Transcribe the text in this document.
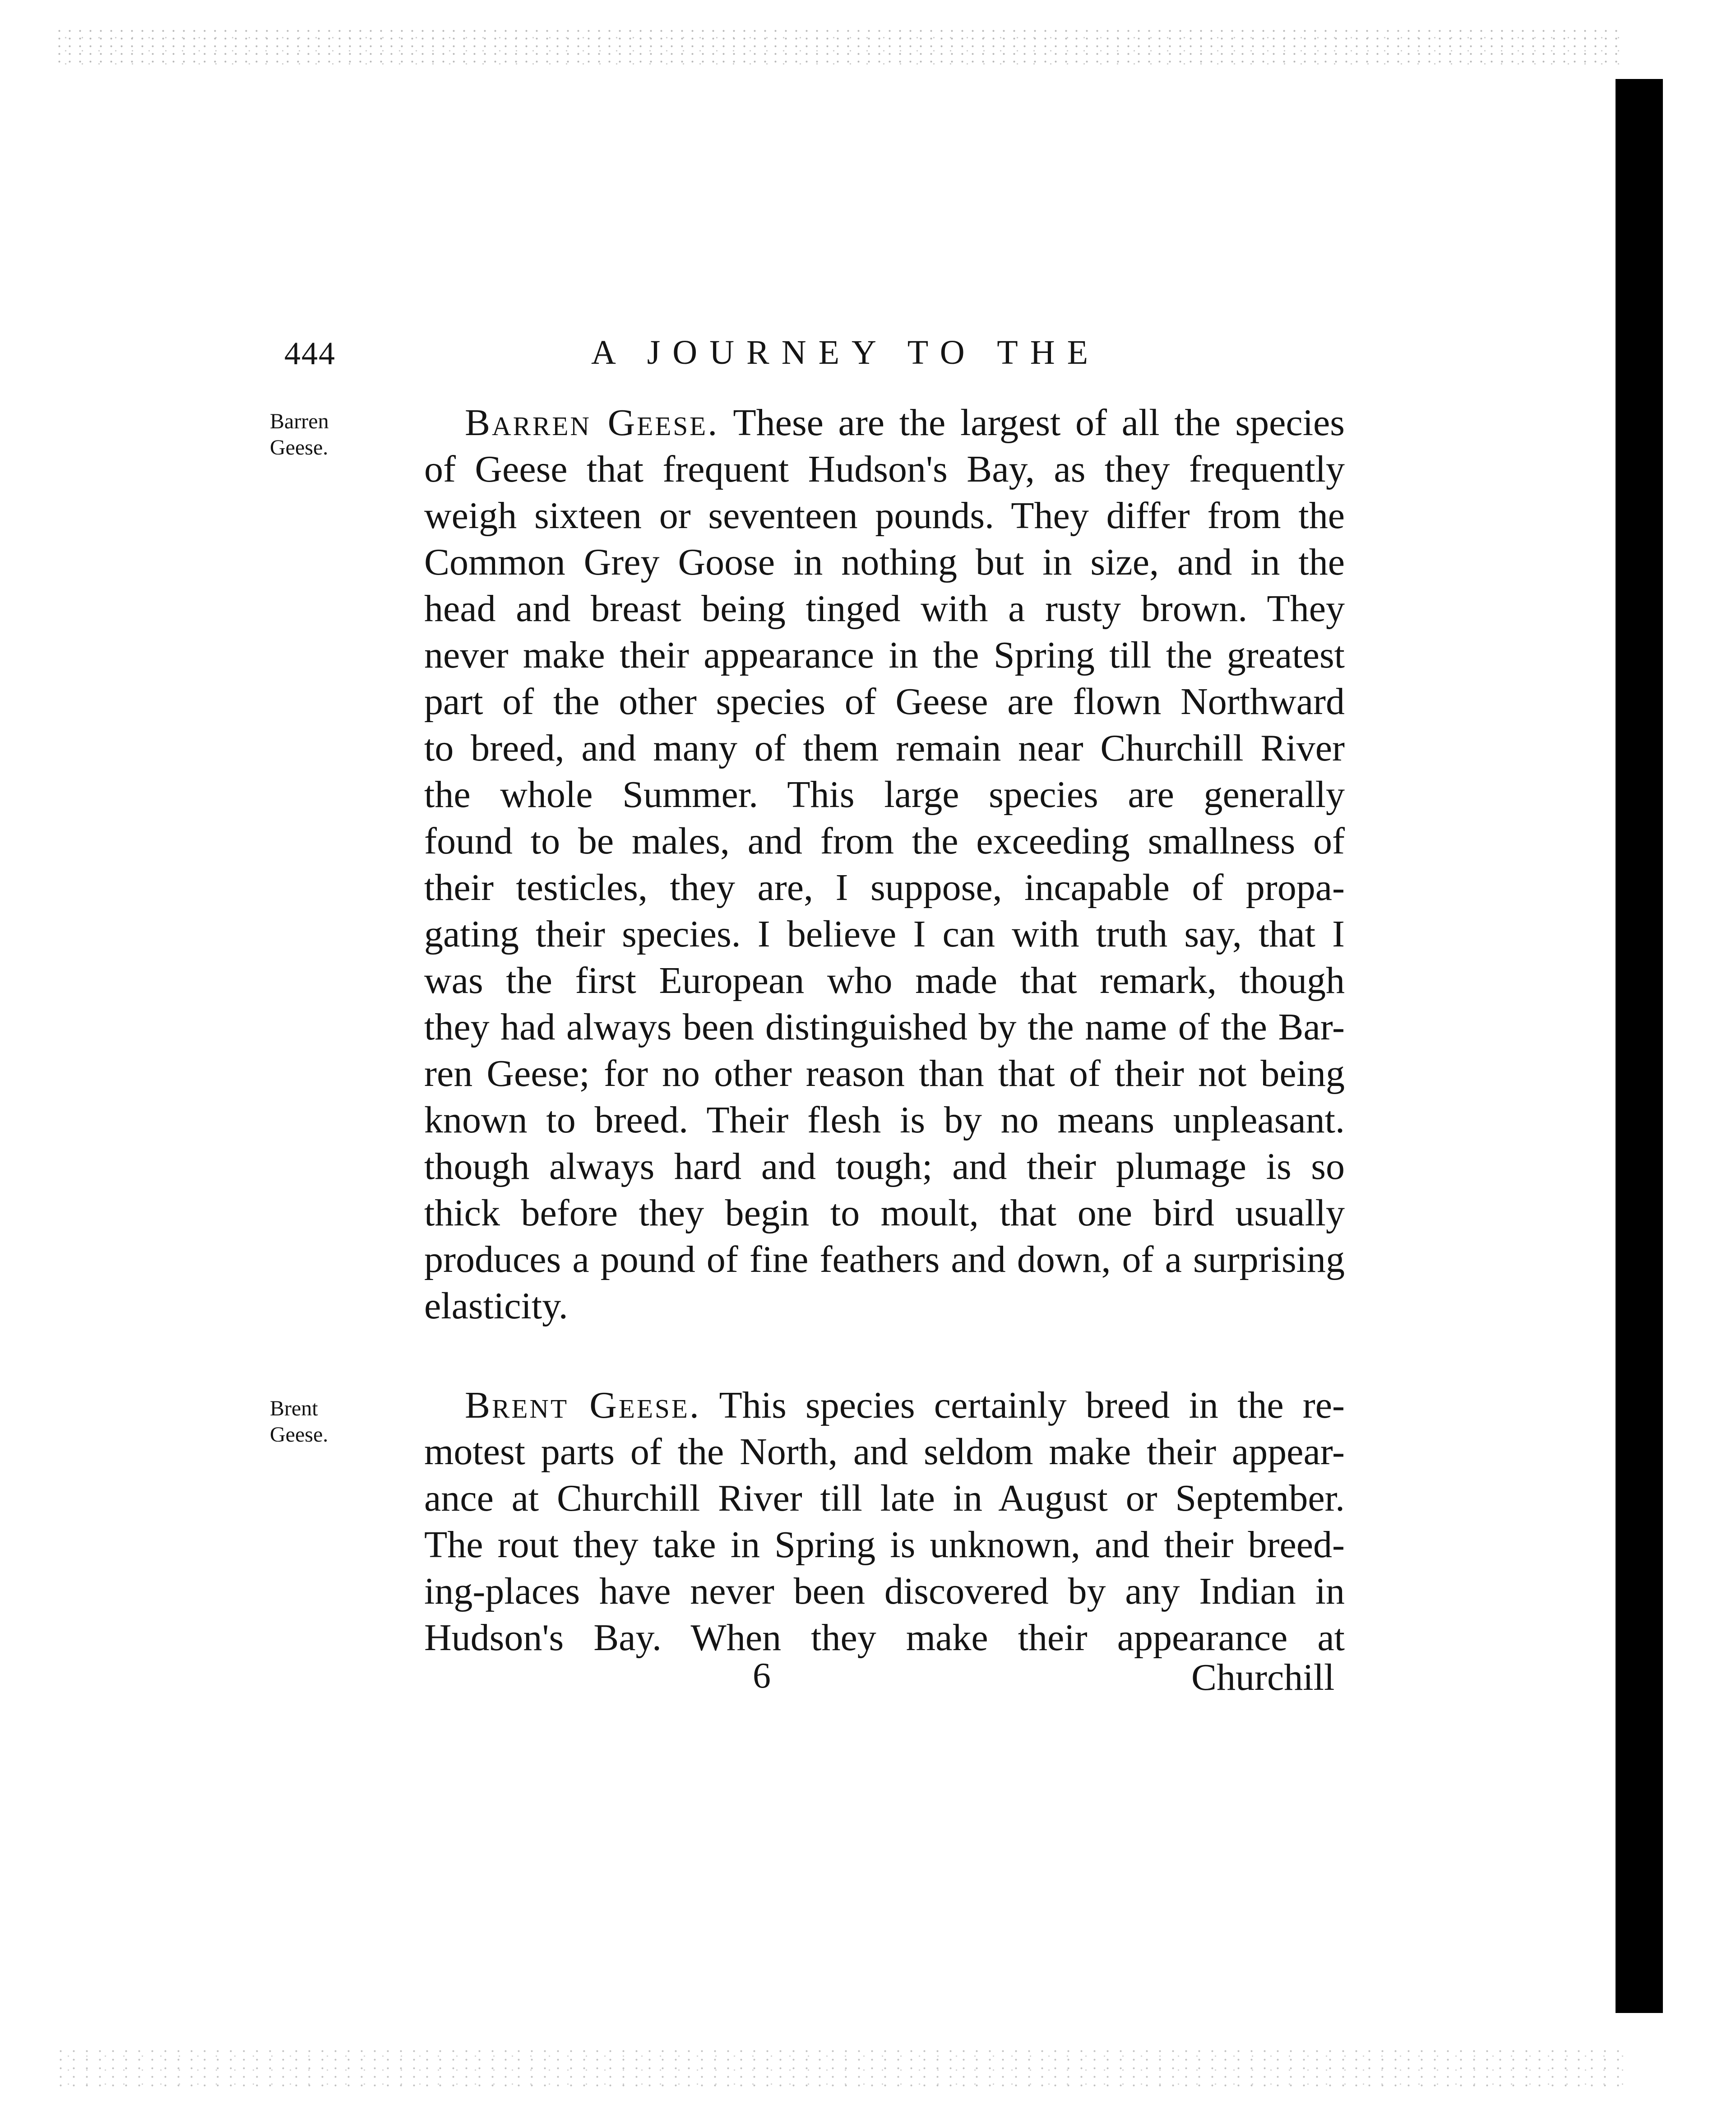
444	A JOURNEY TO THE
Barren
Geese.
Barren Geese. These are the largest of all the species
of Geese that frequent Hudson's Bay, as they frequently
weigh sixteen or seventeen pounds. They differ from the
Common Grey Goose in nothing but in size, and in the
head and breast being tinged with a rusty brown. They
never make their appearance in the Spring till the greatest
part of the other species of Geese are flown Northward
to breed, and many of them remain near Churchill River
the whole Summer. This large species are generally
found to be males, and from the exceeding smallness of
their testicles, they are, I suppose, incapable of propa-
gating their species. I believe I can with truth say, that I
was the first European who made that remark, though
they had always been distinguished by the name of the Bar-
ren Geese; for no other reason than that of their not being
known to breed. Their flesh is by no means unpleasant.
though always hard and tough; and their plumage is so
thick before they begin to moult, that one bird usually
produces a pound of fine feathers and down, of a surprising
elasticity.
Brent
Geese.
Brent Geese. This species certainly breed in the re-
motest parts of the North, and seldom make their appear-
ance at Churchill River till late in August or September.
The rout they take in Spring is unknown, and their breed-
ing-places have never been discovered by any Indian in
Hudson's Bay. When they make their appearance at
6	Churchill
